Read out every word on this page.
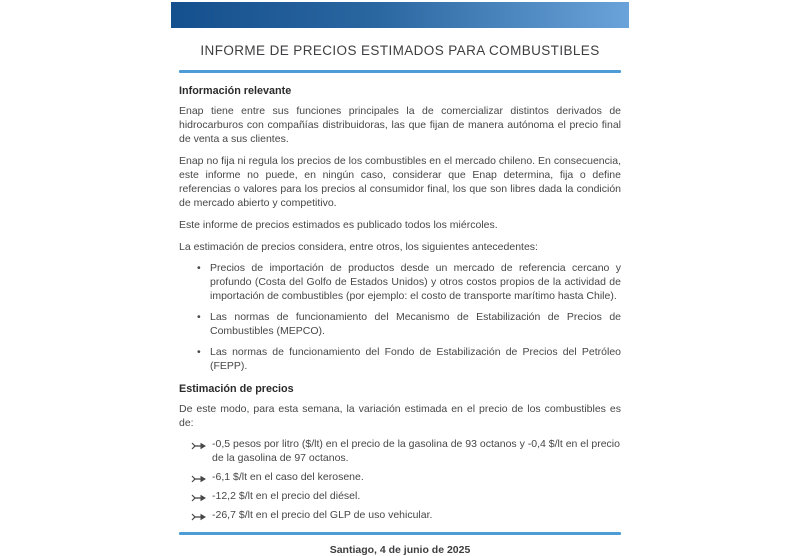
INFORME DE PRECIOS ESTIMADOS PARA COMBUSTIBLES
Información relevante

Enap tiene entre sus funciones principales la de comercializar distintos derivados de hidrocarburos con compañías distribuidoras, las que fijan de manera autónoma el precio final de venta a sus clientes.

Enap no fija ni regula los precios de los combustibles en el mercado chileno. En consecuencia, este informe no puede, en ningún caso, considerar que Enap determina, fija o define referencias o valores para los precios al consumidor final, los que son libres dada la condición de mercado abierto y competitivo.

Este informe de precios estimados es publicado todos los miércoles.

La estimación de precios considera, entre otros, los siguientes antecedentes:

• Precios de importación de productos desde un mercado de referencia cercano y profundo (Costa del Golfo de Estados Unidos) y otros costos propios de la actividad de importación de combustibles (por ejemplo: el costo de transporte marítimo hasta Chile).
• Las normas de funcionamiento del Mecanismo de Estabilización de Precios de Combustibles (MEPCO).
• Las normas de funcionamiento del Fondo de Estabilización de Precios del Petróleo (FEPP).
Estimación de precios

De este modo, para esta semana, la variación estimada en el precio de los combustibles es de:

-0,5 pesos por litro ($/lt) en el precio de la gasolina de 93 octanos y -0,4 $/lt en el precio de la gasolina de 97 octanos.
-6,1 $/lt en el caso del kerosene.
-12,2 $/lt en el precio del diésel.
-26,7 $/lt en el precio del GLP de uso vehicular.
Santiago, 4 de junio de 2025
